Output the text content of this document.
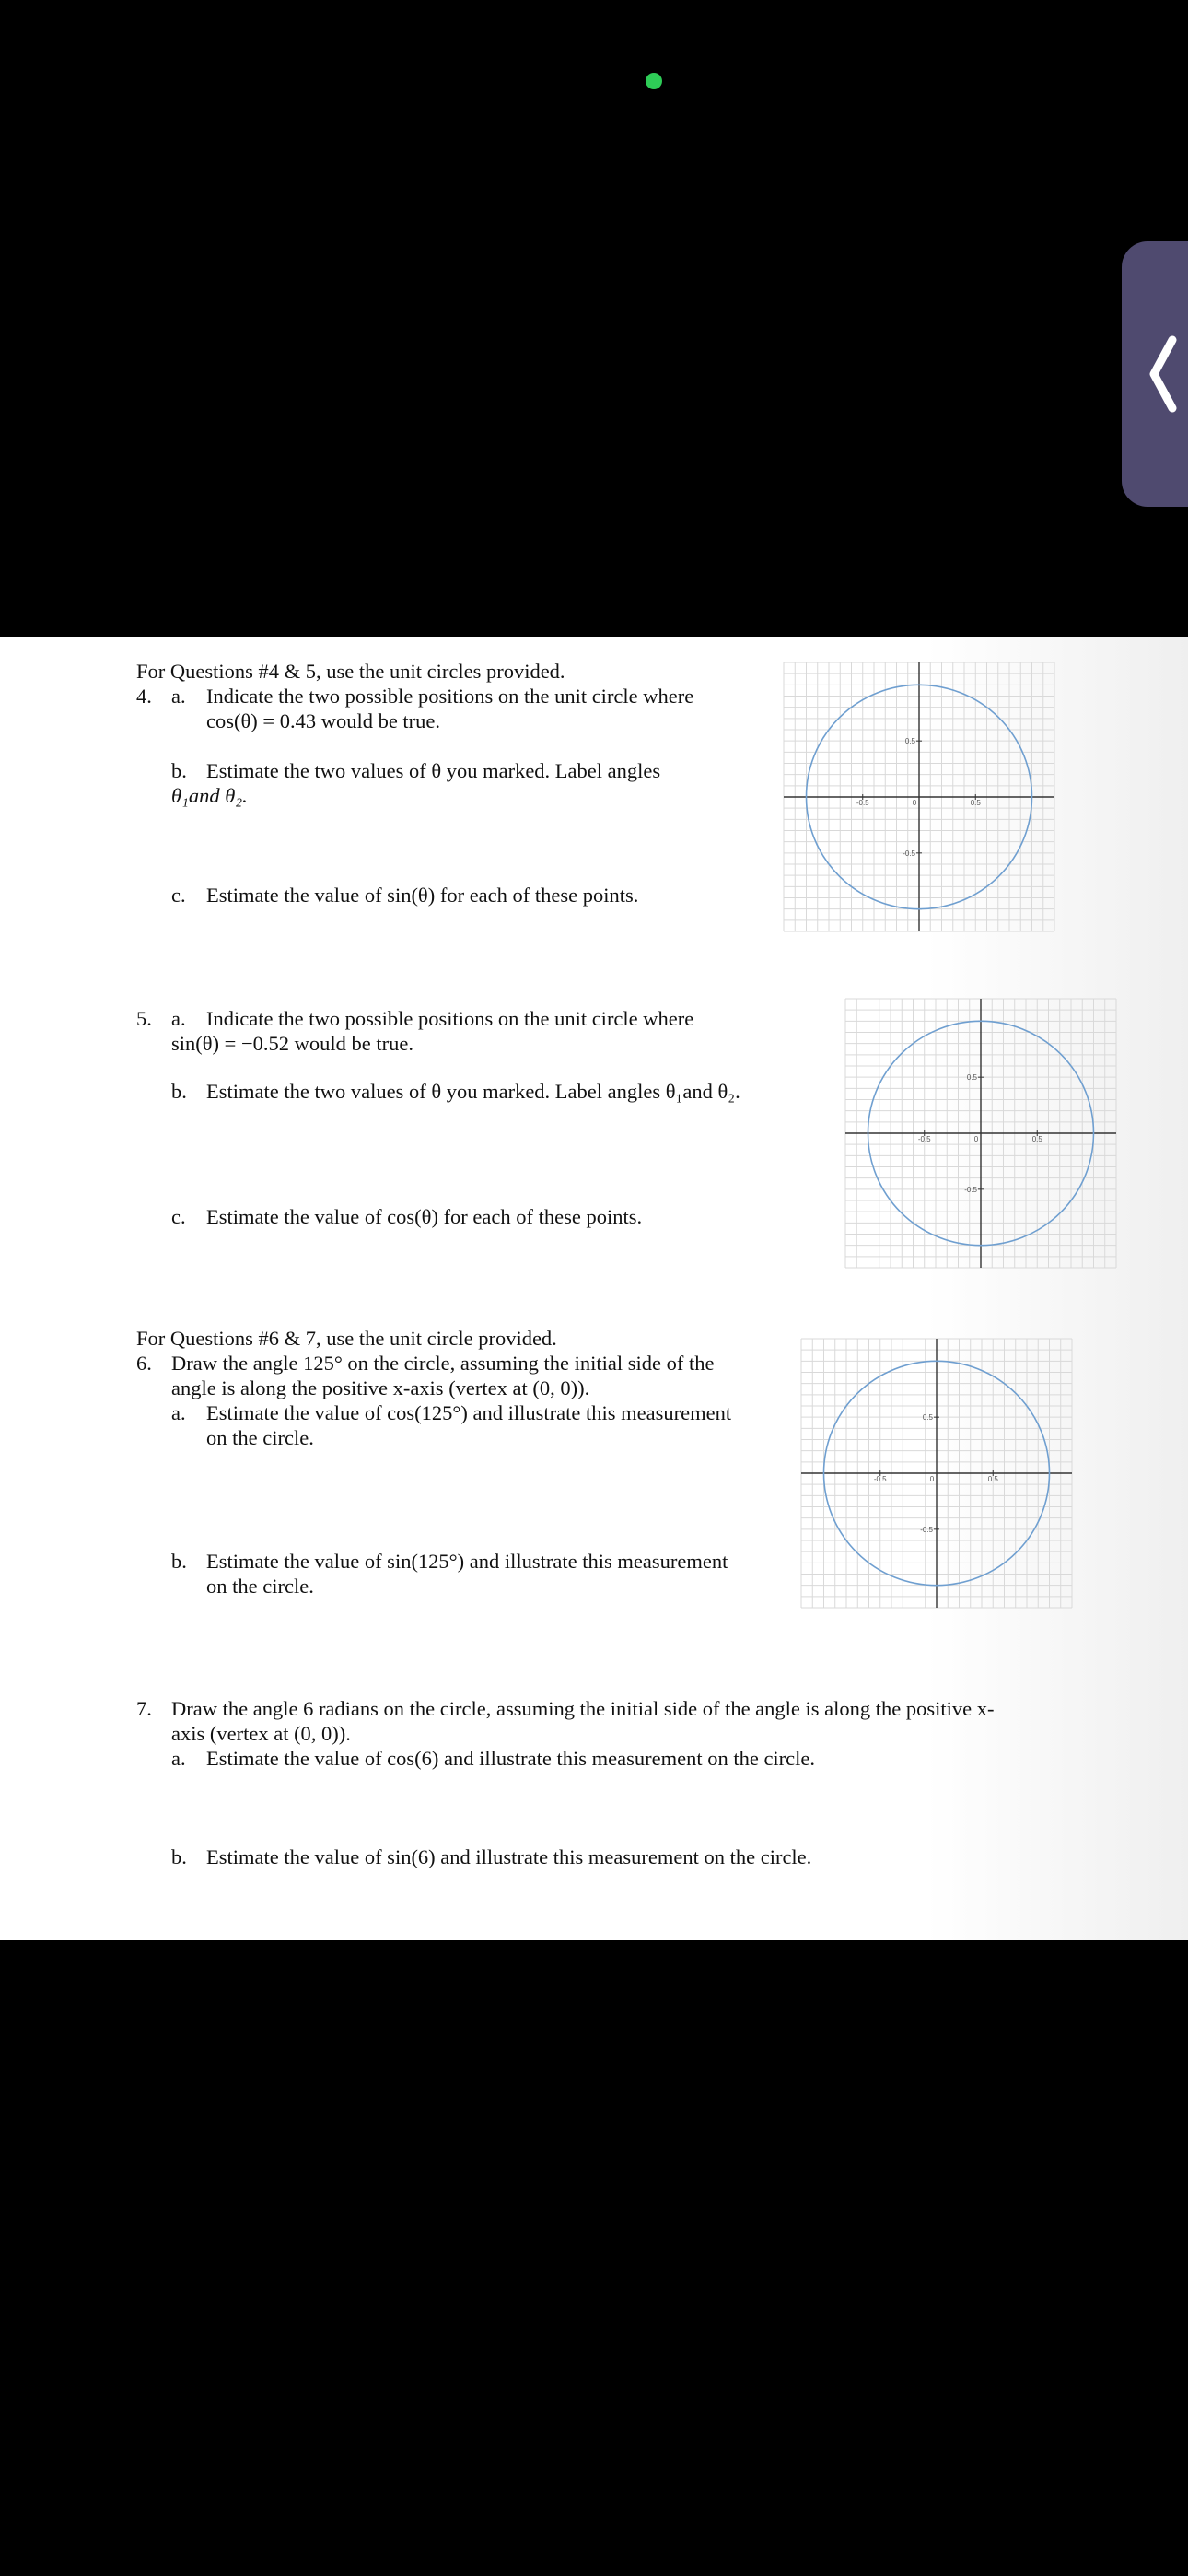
For Questions #4 & 5, use the unit circles provided.
4. a. Indicate the two possible positions on the unit circle where
cos(θ) = 0.43 would be true.
b. Estimate the two values of θ you marked. Label angles
θ₁and θ₂.
c. Estimate the value of sin(θ) for each of these points.
5. a. Indicate the two possible positions on the unit circle where
sin(θ) = −0.52 would be true.
b. Estimate the two values of θ you marked. Label angles θ₁and θ₂.
c. Estimate the value of cos(θ) for each of these points.
For Questions #6 & 7, use the unit circle provided.
6. Draw the angle 125° on the circle, assuming the initial side of the
angle is along the positive x-axis (vertex at (0, 0)).
a. Estimate the value of cos(125°) and illustrate this measurement
on the circle.
b. Estimate the value of sin(125°) and illustrate this measurement
on the circle.
7. Draw the angle 6 radians on the circle, assuming the initial side of the angle is along the positive x-
axis (vertex at (0, 0)).
a. Estimate the value of cos(6) and illustrate this measurement on the circle.
b. Estimate the value of sin(6) and illustrate this measurement on the circle.
-0.5	0	0.5
0.5
-0.5
-0.5	0	0.5
0.5
-0.5
-0.5	0	0.5
0.5
-0.5
